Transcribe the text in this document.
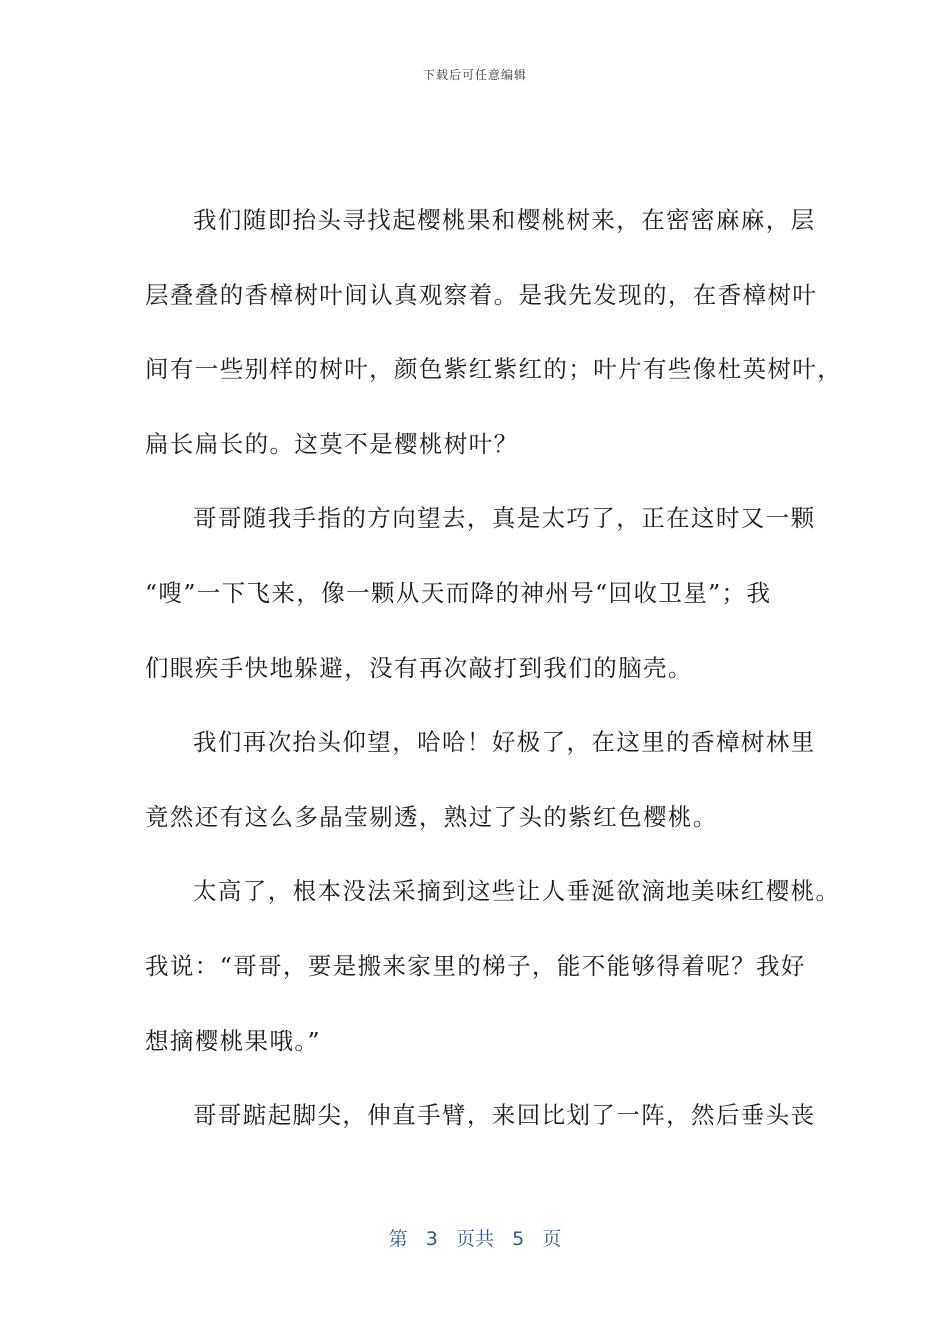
下载后可任意编辑
我们随即抬头寻找起樱桃果和樱桃树来，在密密麻麻，层
层叠叠的香樟树叶间认真观察着。是我先发现的，在香樟树叶
间有一些别样的树叶，颜色紫红紫红的；叶片有些像杜英树叶，
扁长扁长的。这莫不是樱桃树叶？
哥哥随我手指的方向望去，真是太巧了，正在这时又一颗
“嗖”一下飞来，像一颗从天而降的神州号“回收卫星”；我
们眼疾手快地躲避，没有再次敲打到我们的脑壳。
我们再次抬头仰望，哈哈！好极了，在这里的香樟树林里
竟然还有这么多晶莹剔透，熟过了头的紫红色樱桃。
太高了，根本没法采摘到这些让人垂涎欲滴地美味红樱桃。
我说：“哥哥，要是搬来家里的梯子，能不能够得着呢？我好
想摘樱桃果哦。”
哥哥踮起脚尖，伸直手臂，来回比划了一阵，然后垂头丧
第 3 页共 5 页
